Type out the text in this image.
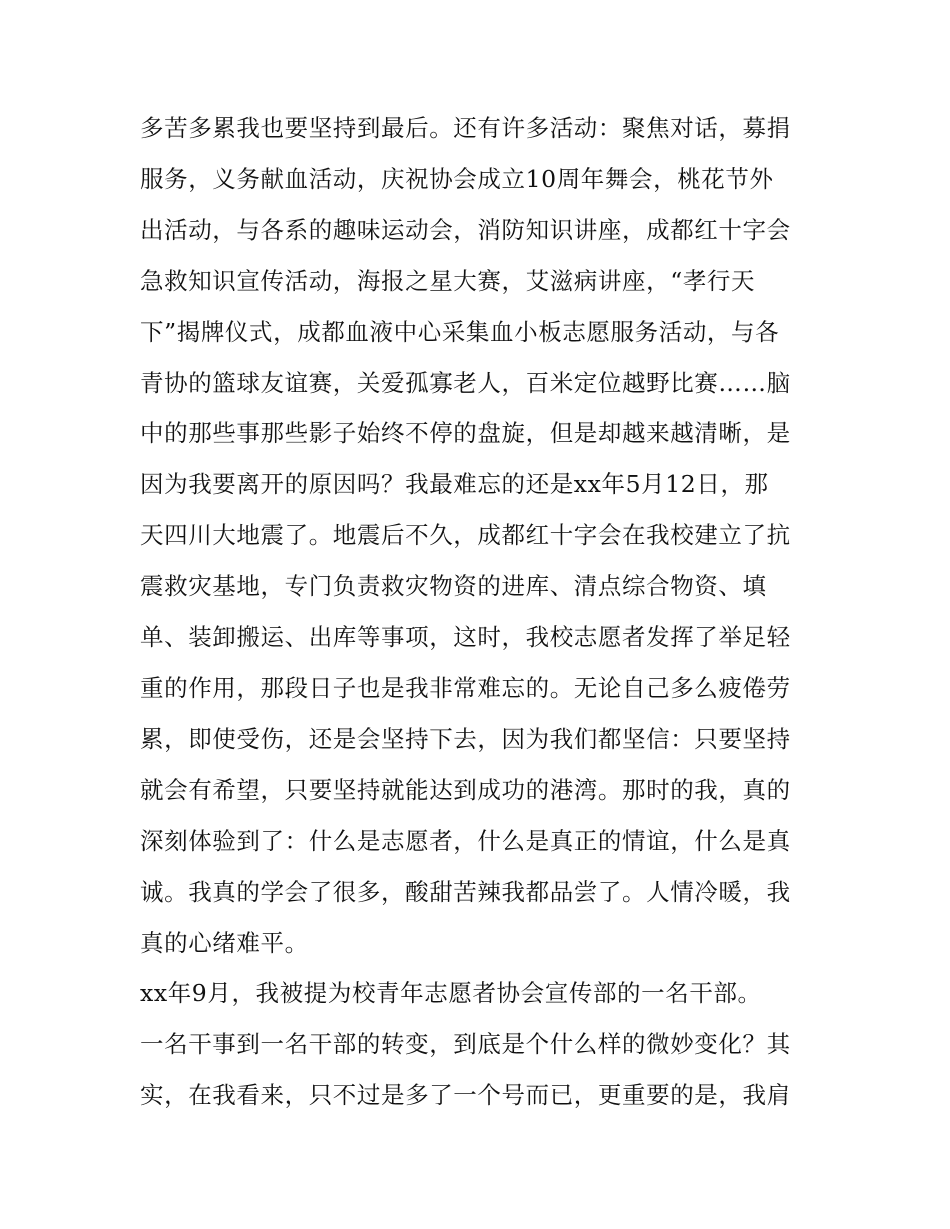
多苦多累我也要坚持到最后。还有许多活动：聚焦对话，募捐
服务，义务献血活动，庆祝协会成立10周年舞会，桃花节外
出活动，与各系的趣味运动会，消防知识讲座，成都红十字会
急救知识宣传活动，海报之星大赛，艾滋病讲座，“孝行天
下”揭牌仪式，成都血液中心采集血小板志愿服务活动，与各
青协的篮球友谊赛，关爱孤寡老人，百米定位越野比赛……脑
中的那些事那些影子始终不停的盘旋，但是却越来越清晰，是
因为我要离开的原因吗？我最难忘的还是xx年5月12日，那
天四川大地震了。地震后不久，成都红十字会在我校建立了抗
震救灾基地，专门负责救灾物资的进库、清点综合物资、填
单、装卸搬运、出库等事项，这时，我校志愿者发挥了举足轻
重的作用，那段日子也是我非常难忘的。无论自己多么疲倦劳
累，即使受伤，还是会坚持下去，因为我们都坚信：只要坚持
就会有希望，只要坚持就能达到成功的港湾。那时的我，真的
深刻体验到了：什么是志愿者，什么是真正的情谊，什么是真
诚。我真的学会了很多，酸甜苦辣我都品尝了。人情冷暖，我
真的心绪难平。
xx年9月，我被提为校青年志愿者协会宣传部的一名干部。
一名干事到一名干部的转变，到底是个什么样的微妙变化？其
实，在我看来，只不过是多了一个号而已，更重要的是，我肩
